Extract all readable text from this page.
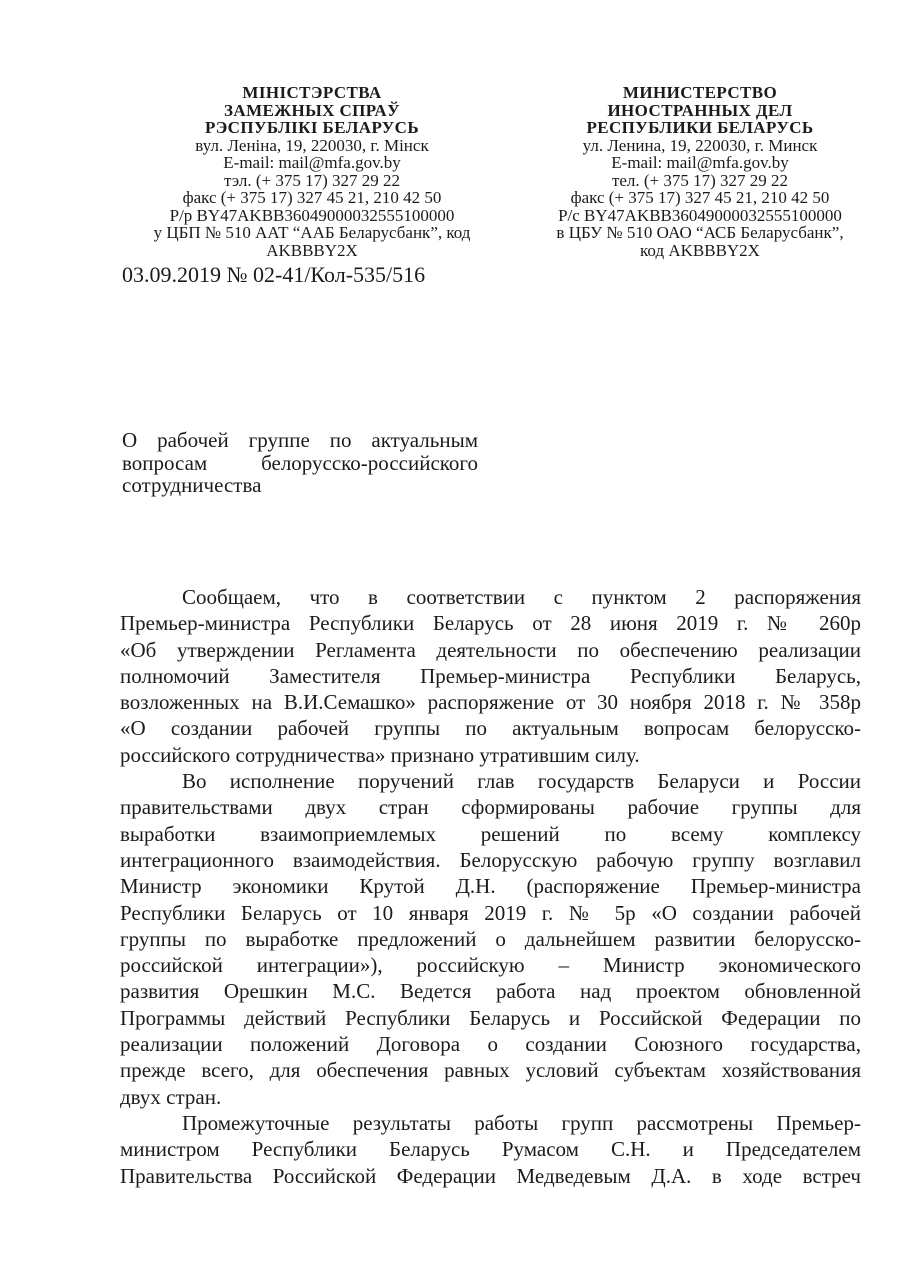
МІНІСТЭРСТВА
ЗАМЕЖНЫХ СПРАЎ
РЭСПУБЛІКІ БЕЛАРУСЬ
вул. Леніна, 19, 220030, г. Мінск
E-mail: mail@mfa.gov.by
тэл. (+ 375 17) 327 29 22
факс (+ 375 17) 327 45 21, 210 42 50
Р/р BY47AKBB36049000032555100000
у ЦБП № 510 ААТ “ААБ Беларусбанк”, код
AKBBBY2X
МИНИСТЕРСТВО
ИНОСТРАННЫХ ДЕЛ
РЕСПУБЛИКИ БЕЛАРУСЬ
ул. Ленина, 19, 220030, г. Минск
E-mail: mail@mfa.gov.by
тел. (+ 375 17) 327 29 22
факс (+ 375 17) 327 45 21, 210 42 50
Р/с BY47AKBB36049000032555100000
в ЦБУ № 510 ОАО “АСБ Беларусбанк”,
код AKBBBY2X
03.09.2019 № 02-41/Кол-535/516
О рабочей группе по актуальным
вопросам белорусско-российского
сотрудничества
Сообщаем, что в соответствии с пунктом 2 распоряжения
Премьер-министра Республики Беларусь от 28 июня 2019 г. № 260р
«Об утверждении Регламента деятельности по обеспечению реализации
полномочий Заместителя Премьер-министра Республики Беларусь,
возложенных на В.И.Семашко» распоряжение от 30 ноября 2018 г. № 358р
«О создании рабочей группы по актуальным вопросам белорусско-
российского сотрудничества» признано утратившим силу.
Во исполнение поручений глав государств Беларуси и России
правительствами двух стран сформированы рабочие группы для
выработки взаимоприемлемых решений по всему комплексу
интеграционного взаимодействия. Белорусскую рабочую группу возглавил
Министр экономики Крутой Д.Н. (распоряжение Премьер-министра
Республики Беларусь от 10 января 2019 г. № 5р «О создании рабочей
группы по выработке предложений о дальнейшем развитии белорусско-
российской интеграции»), российскую – Министр экономического
развития Орешкин М.С. Ведется работа над проектом обновленной
Программы действий Республики Беларусь и Российской Федерации по
реализации положений Договора о создании Союзного государства,
прежде всего, для обеспечения равных условий субъектам хозяйствования
двух стран.
Промежуточные результаты работы групп рассмотрены Премьер-
министром Республики Беларусь Румасом С.Н. и Председателем
Правительства Российской Федерации Медведевым Д.А. в ходе встреч
